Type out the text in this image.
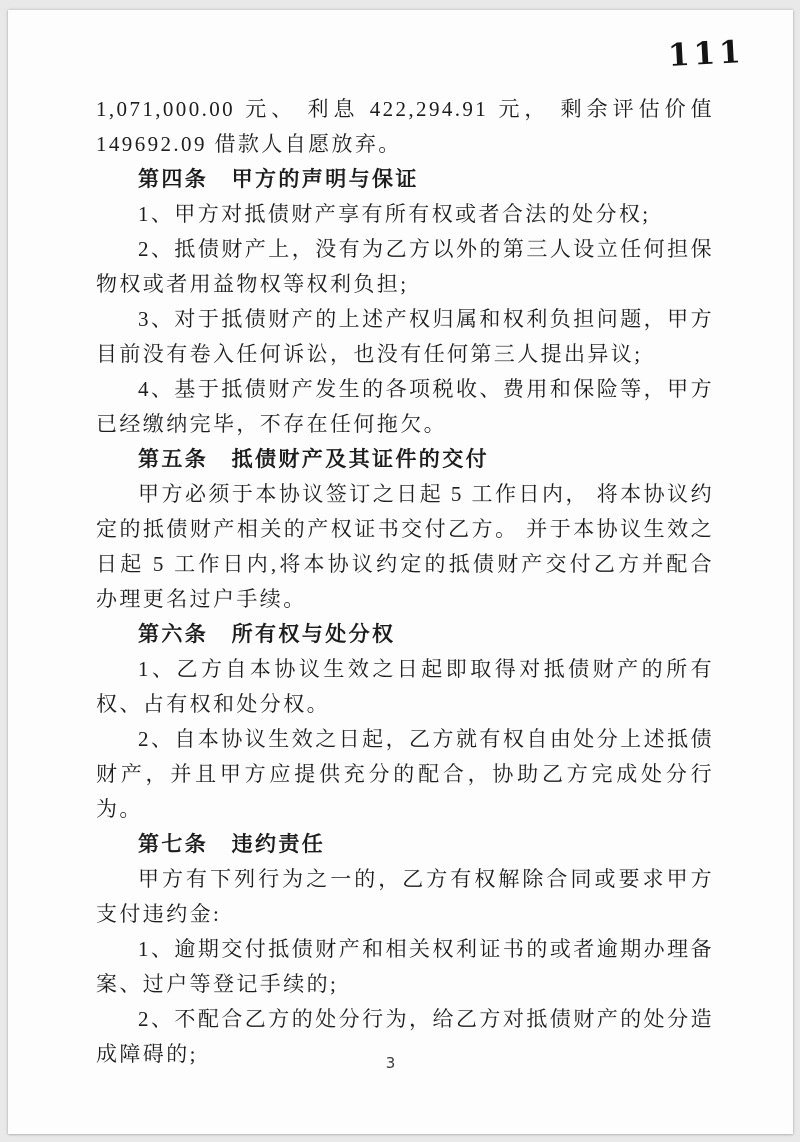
111

1,071,000.00 元、 利息 422,294.91 元， 剩余评估价值 149692.09 借款人自愿放弃。

第四条　甲方的声明与保证

1、甲方对抵债财产享有所有权或者合法的处分权;

2、抵债财产上，没有为乙方以外的第三人设立任何担保物权或者用益物权等权利负担;

3、对于抵债财产的上述产权归属和权利负担问题，甲方目前没有卷入任何诉讼，也没有任何第三人提出异议;

4、基于抵债财产发生的各项税收、费用和保险等，甲方已经缴纳完毕，不存在任何拖欠。

第五条　抵债财产及其证件的交付

甲方必须于本协议签订之日起 5 工作日内， 将本协议约定的抵债财产相关的产权证书交付乙方。 并于本协议生效之日起 5 工作日内,将本协议约定的抵债财产交付乙方并配合办理更名过户手续。

第六条　所有权与处分权

1、乙方自本协议生效之日起即取得对抵债财产的所有权、占有权和处分权。

2、自本协议生效之日起，乙方就有权自由处分上述抵债财产，并且甲方应提供充分的配合，协助乙方完成处分行为。

第七条　违约责任

甲方有下列行为之一的，乙方有权解除合同或要求甲方支付违约金:

1、逾期交付抵债财产和相关权利证书的或者逾期办理备案、过户等登记手续的;

2、不配合乙方的处分行为，给乙方对抵债财产的处分造成障碍的;	3
